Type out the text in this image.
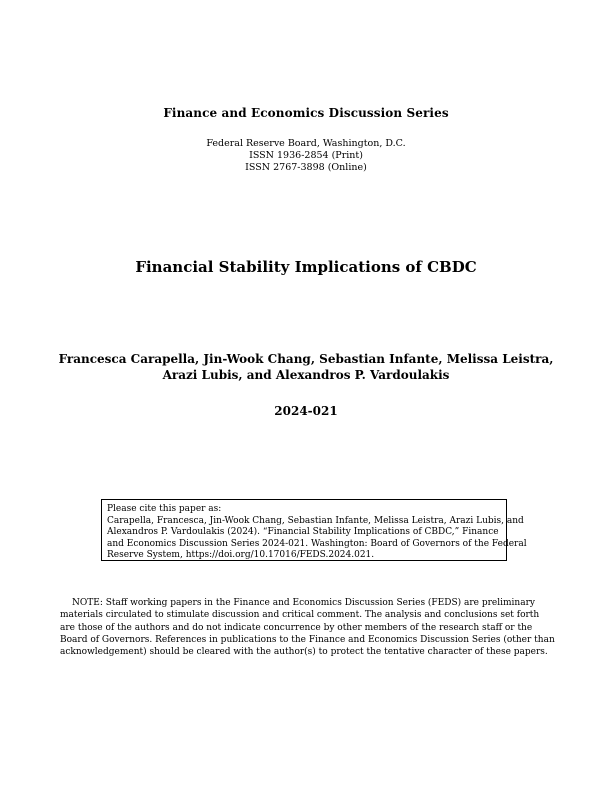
Finance and Economics Discussion Series
Federal Reserve Board, Washington, D.C.
ISSN 1936-2854 (Print)
ISSN 2767-3898 (Online)
Financial Stability Implications of CBDC
Francesca Carapella, Jin-Wook Chang, Sebastian Infante, Melissa Leistra,
Arazi Lubis, and Alexandros P. Vardoulakis
2024-021
Please cite this paper as:
Carapella, Francesca, Jin-Wook Chang, Sebastian Infante, Melissa Leistra, Arazi Lubis, and
Alexandros P. Vardoulakis (2024). “Financial Stability Implications of CBDC,” Finance
and Economics Discussion Series 2024-021. Washington: Board of Governors of the Federal
Reserve System, https://doi.org/10.17016/FEDS.2024.021.
NOTE: Staff working papers in the Finance and Economics Discussion Series (FEDS) are preliminary
materials circulated to stimulate discussion and critical comment. The analysis and conclusions set forth
are those of the authors and do not indicate concurrence by other members of the research staff or the
Board of Governors. References in publications to the Finance and Economics Discussion Series (other than
acknowledgement) should be cleared with the author(s) to protect the tentative character of these papers.
